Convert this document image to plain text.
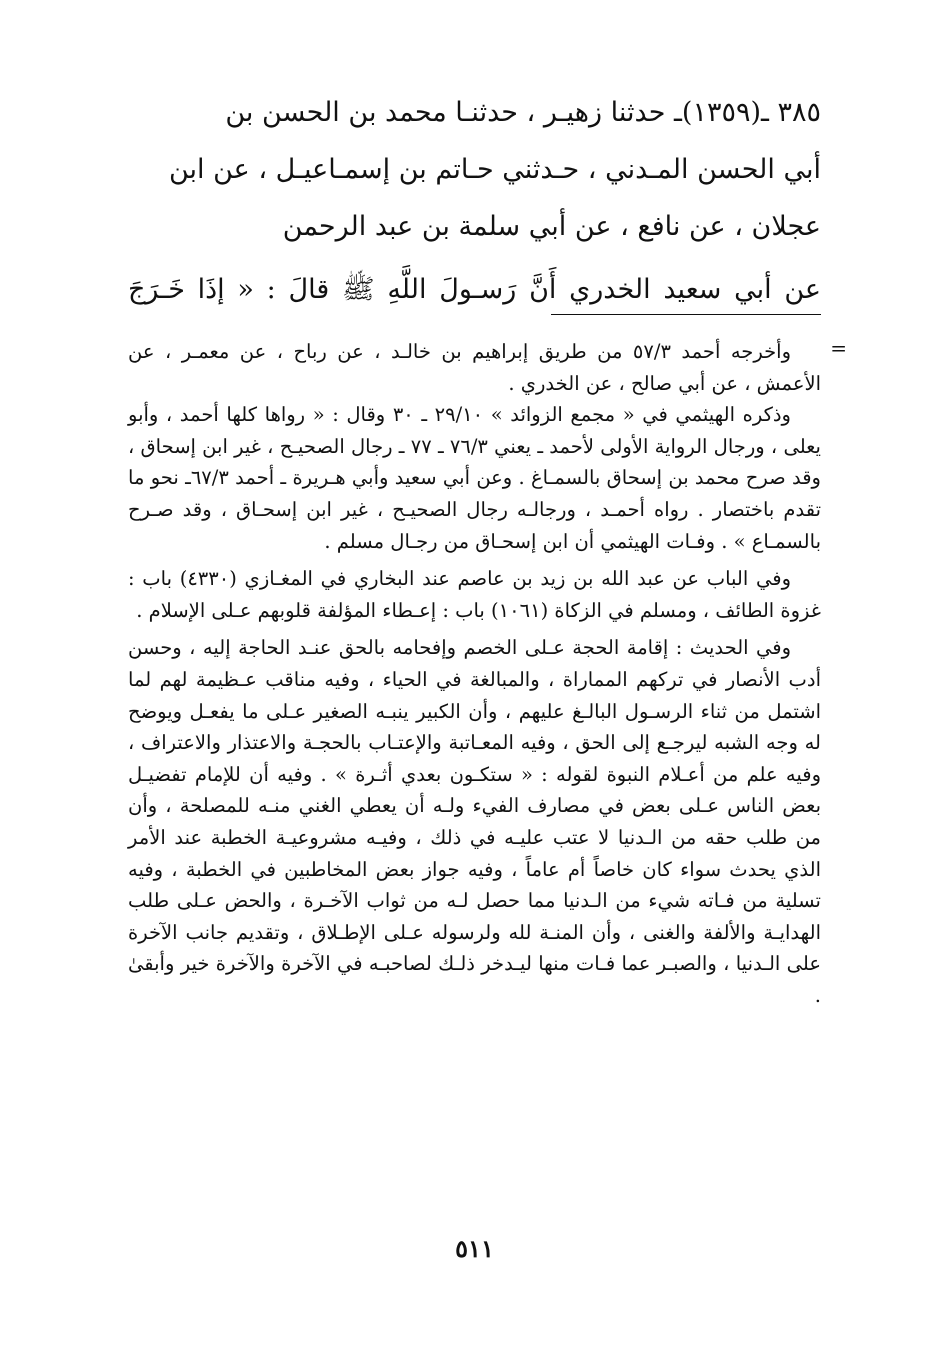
٣٨٥ ـ(١٣٥٩)ـ حدثنا زهيـر ، حدثنـا محمد بن الحسن بن

أبي الحسن المـدني ، حـدثني حـاتم بن إسمـاعيـل ، عن ابن

عجلان ، عن نافع ، عن أبي سلمة بن عبد الرحمن

عن أبي سعيد الخدري أَنَّ رَسـولَ اللَّهِ ﷺ قالَ : « إذَا خَـرَجَ

=

وأخرجه أحمد ٥٧/٣ من طريق إبراهيم بن خالـد ، عن رباح ، عن معمـر ، عن الأعمش ، عن أبي صالح ، عن الخدري .

وذكره الهيثمي في « مجمع الزوائد » ٢٩/١٠ ـ ٣٠ وقال : « رواها كلها أحمد ، وأبو يعلى ، ورجال الرواية الأولى لأحمد ـ يعني ٧٦/٣ ـ ٧٧ ـ رجال الصحيـح ، غير ابن إسحاق ، وقد صرح محمد بن إسحاق بالسمـاغ . وعن أبي سعيد وأبي هـريرة ـ أحمد ٦٧/٣ـ نحو ما تقدم باختصار . رواه أحمـد ، ورجالـه رجال الصحيـح ، غير ابن إسحـاق ، وقد صـرح بالسمـاع » . وفـات الهيثمي أن ابن إسحـاق من رجـال مسلم .

وفي الباب عن عبد الله بن زيد بن عاصم عند البخاري في المغـازي (٤٣٣٠) باب : غزوة الطائف ، ومسلم في الزكاة (١٠٦١) باب : إعـطاء المؤلفة قلوبهم عـلى الإسلام .

وفي الحديث : إقامة الحجة عـلى الخصم وإفحامه بالحق عنـد الحاجة إليه ، وحسن أدب الأنصار في تركهم المماراة ، والمبالغة في الحياء ، وفيه مناقب عـظيمة لهم لما اشتمل من ثناء الرسـول البالـغ عليهم ، وأن الكبير ينبـه الصغير عـلى ما يفعـل ويوضح له وجه الشبه ليرجـع إلى الحق ، وفيه المعـاتبة والإعتـاب بالحجـة والاعتذار والاعتراف ، وفيه علم من أعـلام النبوة لقوله : « ستكـون بعدي أثـرة » . وفيه أن للإمام تفضيـل بعض الناس عـلى بعض في مصارف الفيء ولـه أن يعطي الغني منـه للمصلحة ، وأن من طلب حقه من الـدنيا لا عتب عليـه في ذلك ، وفيـه مشروعيـة الخطبة عند الأمر الذي يحدث سواء كان خاصاً أم عاماً ، وفيه جواز بعض المخاطبين في الخطبة ، وفيه تسلية من فـاته شيء من الـدنيا مما حصل لـه من ثواب الآخـرة ، والحض عـلى طلب الهدايـة والألفة والغنى ، وأن المنـة لله ولرسوله عـلى الإطـلاق ، وتقديم جانب الآخرة على الـدنيا ، والصبـر عما فـات منها ليـدخر ذلـك لصاحبـه في الآخرة والآخرة خير وأبقىٰ .

٥١١
